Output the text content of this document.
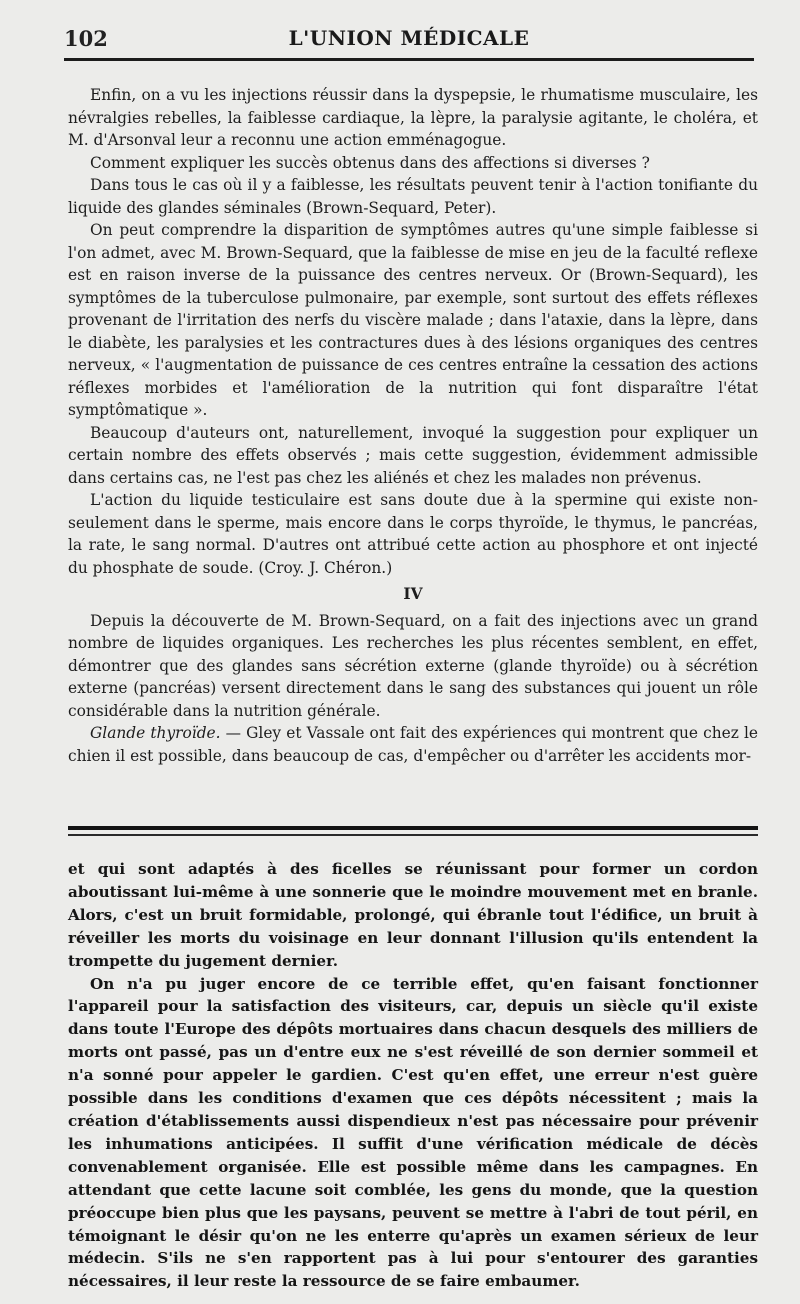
102	L'UNION MÉDICALE

Enfin, on a vu les injections réussir dans la dyspepsie, le rhumatisme musculaire, les névralgies rebelles, la faiblesse cardiaque, la lèpre, la paralysie agitante, le choléra, et M. d'Arsonval leur a reconnu une action emménagogue.

Comment expliquer les succès obtenus dans des affections si diverses ?

Dans tous le cas où il y a faiblesse, les résultats peuvent tenir à l'action tonifiante du liquide des glandes séminales (Brown-Sequard, Peter).

On peut comprendre la disparition de symptômes autres qu'une simple faiblesse si l'on admet, avec M. Brown-Sequard, que la faiblesse de mise en jeu de la faculté reflexe est en raison inverse de la puissance des centres nerveux. Or (Brown-Sequard), les symptômes de la tuberculose pulmonaire, par exemple, sont surtout des effets réflexes provenant de l'irritation des nerfs du viscère malade ; dans l'ataxie, dans la lèpre, dans le diabète, les paralysies et les contractures dues à des lésions organiques des centres nerveux, « l'augmentation de puissance de ces centres entraîne la cessation des actions réflexes morbides et l'amélioration de la nutrition qui font disparaître l'état symptômatique ».

Beaucoup d'auteurs ont, naturellement, invoqué la suggestion pour expliquer un certain nombre des effets observés ; mais cette suggestion, évidemment admissible dans certains cas, ne l'est pas chez les aliénés et chez les malades non prévenus.

L'action du liquide testiculaire est sans doute due à la spermine qui existe non-seulement dans le sperme, mais encore dans le corps thyroïde, le thymus, le pancréas, la rate, le sang normal. D'autres ont attribué cette action au phosphore et ont injecté du phosphate de soude. (Croy. J. Chéron.)

IV

Depuis la découverte de M. Brown-Sequard, on a fait des injections avec un grand nombre de liquides organiques. Les recherches les plus récentes semblent, en effet, démontrer que des glandes sans sécrétion externe (glande thyroïde) ou à sécrétion externe (pancréas) versent directement dans le sang des substances qui jouent un rôle considérable dans la nutrition générale.

Glande thyroïde. — Gley et Vassale ont fait des expériences qui montrent que chez le chien il est possible, dans beaucoup de cas, d'empêcher ou d'arrêter les accidents mor-

et qui sont adaptés à des ficelles se réunissant pour former un cordon aboutissant lui-même à une sonnerie que le moindre mouvement met en branle. Alors, c'est un bruit formidable, prolongé, qui ébranle tout l'édifice, un bruit à réveiller les morts du voisinage en leur donnant l'illusion qu'ils entendent la trompette du jugement dernier.

On n'a pu juger encore de ce terrible effet, qu'en faisant fonctionner l'appareil pour la satisfaction des visiteurs, car, depuis un siècle qu'il existe dans toute l'Europe des dépôts mortuaires dans chacun desquels des milliers de morts ont passé, pas un d'entre eux ne s'est réveillé de son dernier sommeil et n'a sonné pour appeler le gardien. C'est qu'en effet, une erreur n'est guère possible dans les conditions d'examen que ces dépôts nécessitent ; mais la création d'établissements aussi dispendieux n'est pas nécessaire pour prévenir les inhumations anticipées. Il suffit d'une vérification médicale de décès convenablement organisée. Elle est possible même dans les campagnes. En attendant que cette lacune soit comblée, les gens du monde, que la question préoccupe bien plus que les paysans, peuvent se mettre à l'abri de tout péril, en témoignant le désir qu'on ne les enterre qu'après un examen sérieux de leur médecin. S'ils ne s'en rapportent pas à lui pour s'entourer des garanties nécessaires, il leur reste la ressource de se faire embaumer.
